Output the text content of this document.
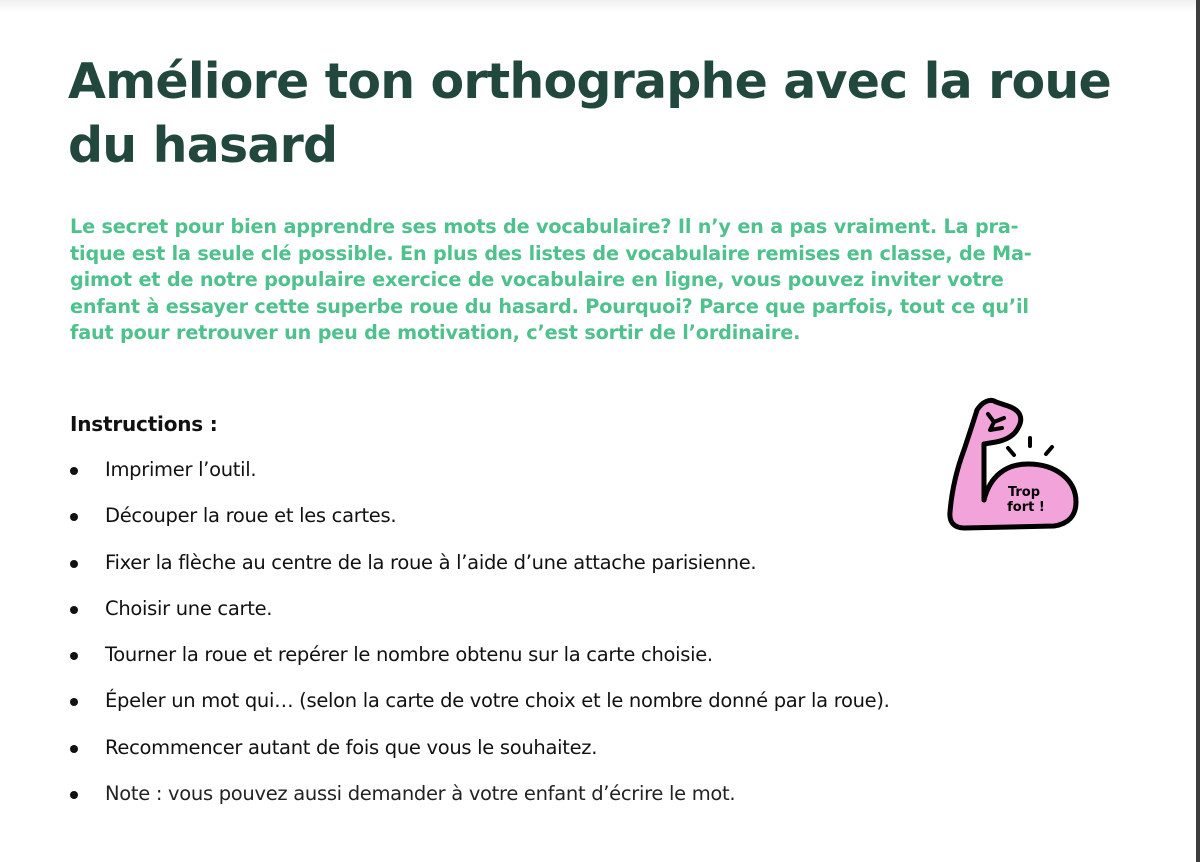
Améliore ton orthographe avec la roue du hasard

Le secret pour bien apprendre ses mots de vocabulaire? Il n’y en a pas vraiment. La pra-
tique est la seule clé possible. En plus des listes de vocabulaire remises en classe, de Ma-
gimot et de notre populaire exercice de vocabulaire en ligne, vous pouvez inviter votre
enfant à essayer cette superbe roue du hasard. Pourquoi? Parce que parfois, tout ce qu’il
faut pour retrouver un peu de motivation, c’est sortir de l’ordinaire.

Instructions :
Imprimer l’outil.
Découper la roue et les cartes.
Fixer la flèche au centre de la roue à l’aide d’une attache parisienne.
Choisir une carte.
Tourner la roue et repérer le nombre obtenu sur la carte choisie.
Épeler un mot qui… (selon la carte de votre choix et le nombre donné par la roue).
Recommencer autant de fois que vous le souhaitez.
Note : vous pouvez aussi demander à votre enfant d’écrire le mot.
Trop
fort !
